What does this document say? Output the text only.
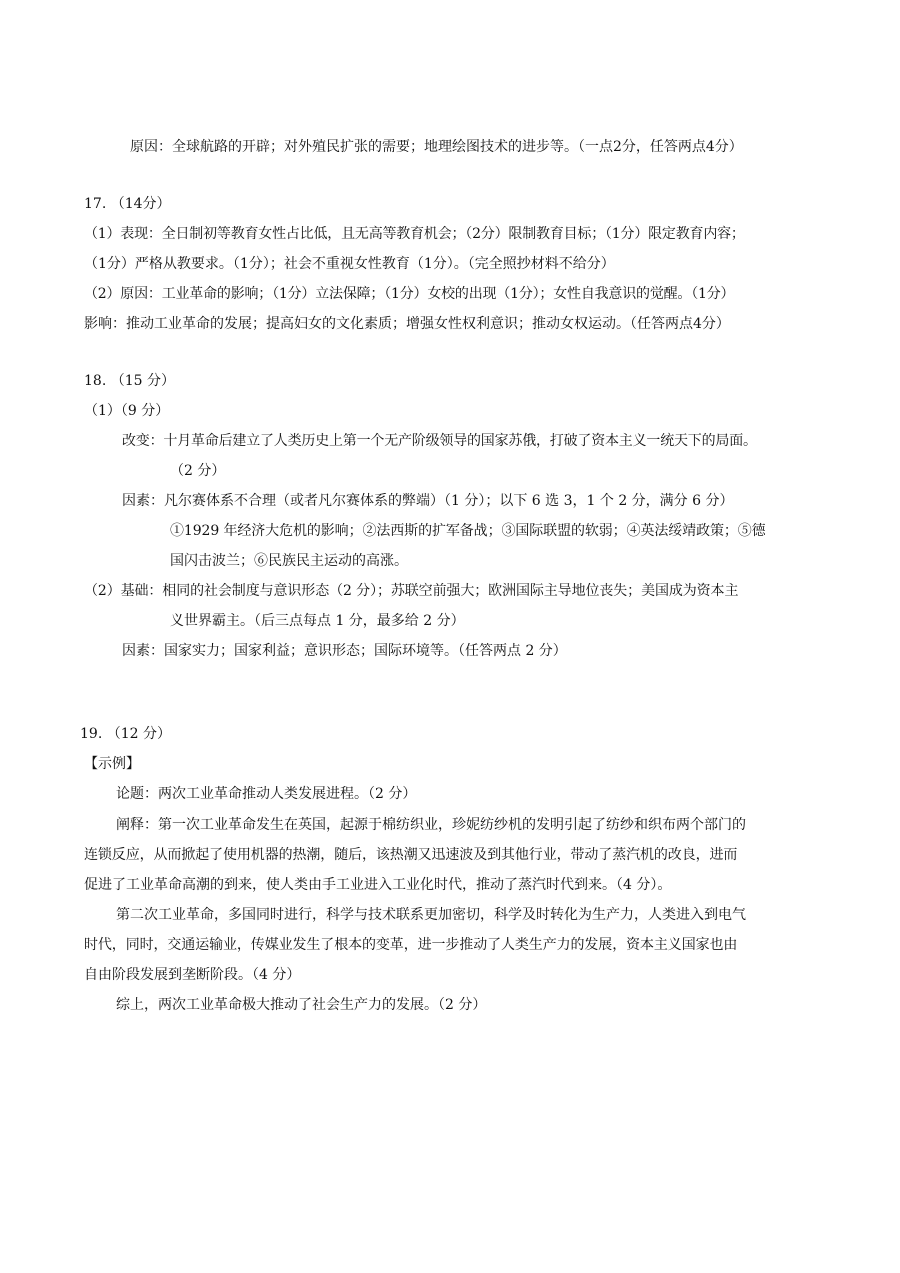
原因：全球航路的开辟；对外殖民扩张的需要；地理绘图技术的进步等。（一点2分，任答两点4分）
17. （14分）
（1）表现：全日制初等教育女性占比低，且无高等教育机会；（2分）限制教育目标；（1分）限定教育内容；
（1分）严格从教要求。（1分）；社会不重视女性教育（1分）。（完全照抄材料不给分）
（2）原因：工业革命的影响；（1分）立法保障；（1分）女校的出现（1分）；女性自我意识的觉醒。（1分）
影响：推动工业革命的发展；提高妇女的文化素质；增强女性权利意识；推动女权运动。（任答两点4分）
18. （15 分）
（1）（9 分）
改变：十月革命后建立了人类历史上第一个无产阶级领导的国家苏俄，打破了资本主义一统天下的局面。
（2 分）
因素：凡尔赛体系不合理（或者凡尔赛体系的弊端）（1 分）；以下 6 选 3，1 个 2 分，满分 6 分）
①1929 年经济大危机的影响；②法西斯的扩军备战；③国际联盟的软弱；④英法绥靖政策；⑤德
国闪击波兰；⑥民族民主运动的高涨。
（2）基础：相同的社会制度与意识形态（2 分）；苏联空前强大；欧洲国际主导地位丧失；美国成为资本主
义世界霸主。（后三点每点 1 分，最多给 2 分）
因素：国家实力；国家利益；意识形态；国际环境等。（任答两点 2 分）
19. （12 分）
【示例】
论题：两次工业革命推动人类发展进程。（2 分）
阐释：第一次工业革命发生在英国，起源于棉纺织业，珍妮纺纱机的发明引起了纺纱和织布两个部门的
连锁反应，从而掀起了使用机器的热潮，随后，该热潮又迅速波及到其他行业，带动了蒸汽机的改良，进而
促进了工业革命高潮的到来，使人类由手工业进入工业化时代，推动了蒸汽时代到来。（4 分）。
第二次工业革命，多国同时进行，科学与技术联系更加密切，科学及时转化为生产力，人类进入到电气
时代，同时，交通运输业，传媒业发生了根本的变革，进一步推动了人类生产力的发展，资本主义国家也由
自由阶段发展到垄断阶段。（4 分）
综上，两次工业革命极大推动了社会生产力的发展。（2 分）
